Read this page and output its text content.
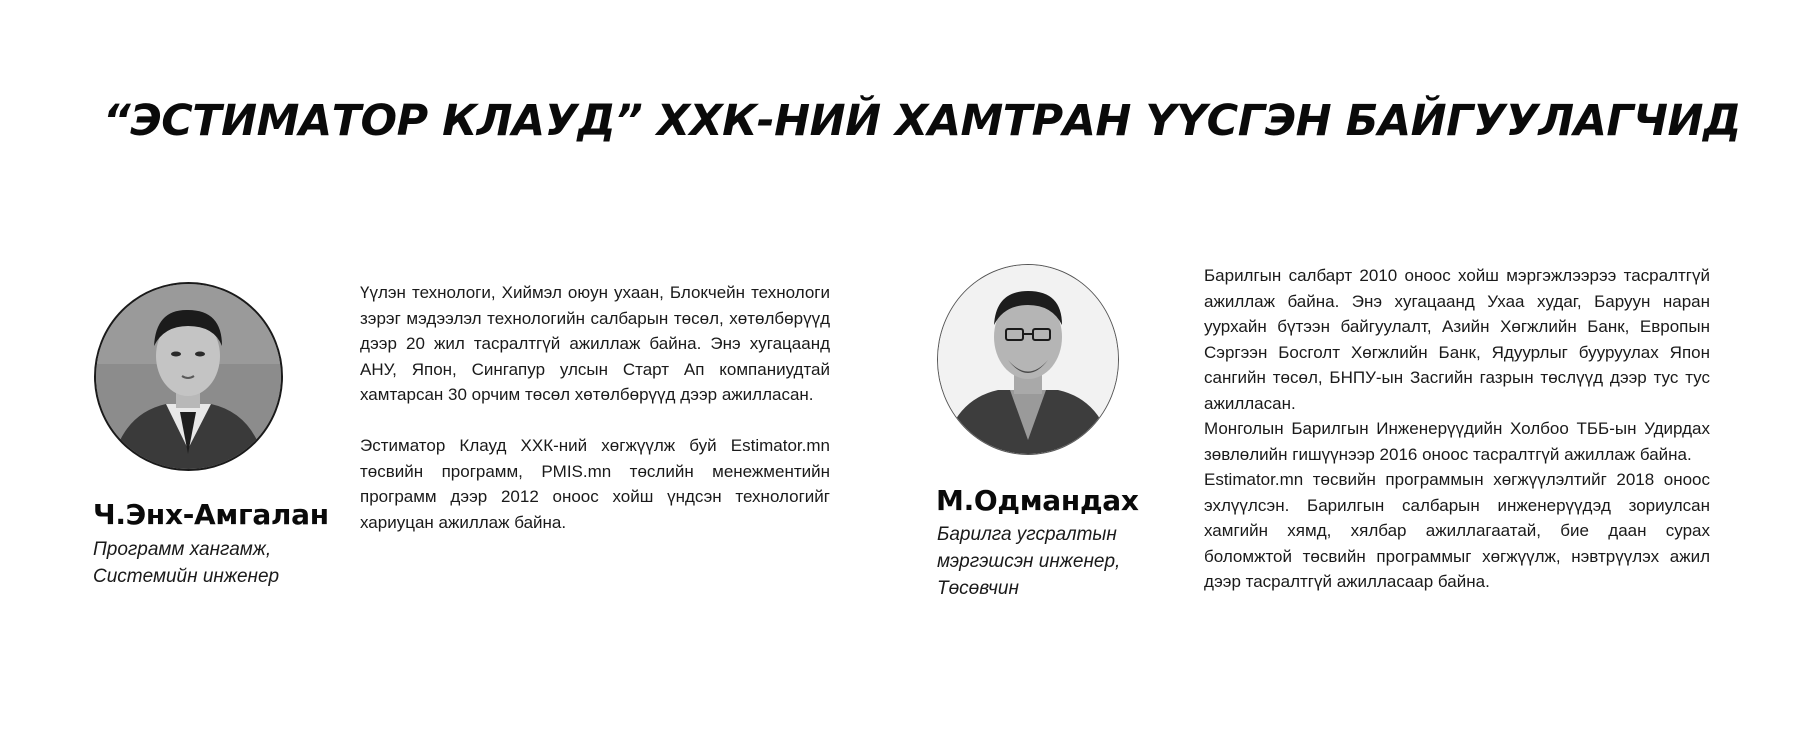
“ЭСТИМАТОР КЛАУД” ХХК-НИЙ ХАМТРАН ҮҮСГЭН БАЙГУУЛАГЧИД
Ч.Энх-Амгалан
Программ хангамж,
Системийн инженер

Үүлэн технологи, Хиймэл оюун ухаан, Блокчейн технологи зэрэг мэдээлэл технологийн салбарын төсөл, хөтөлбөрүүд дээр 20 жил тасралтгүй ажиллаж байна. Энэ хугацаанд АНУ, Япон, Сингапур улсын Старт Ап компаниудтай хамтарсан 30 орчим төсөл хөтөлбөрүүд дээр ажилласан.

Эстиматор Клауд ХХК-ний хөгжүүлж буй Estimator.mn төсвийн программ, PMIS.mn төслийн менежментийн программ дээр 2012 оноос хойш үндсэн технологийг хариуцан ажиллаж байна.

М.Одмандах
Барилга угсралтын
мэргэшсэн инженер,
Төсөвчин

Барилгын салбарт 2010 оноос хойш мэргэжлээрээ тасралтгүй ажиллаж байна. Энэ хугацаанд Ухаа худаг, Баруун наран уурхайн бүтээн байгуулалт, Азийн Хөгжлийн Банк, Европын Сэргээн Босголт Хөгжлийн Банк, Ядуурлыг бууруулах Япон сангийн төсөл, БНПУ-ын Засгийн газрын төслүүд дээр тус тус ажилласан.

Монголын Барилгын Инженерүүдийн Холбоо ТББ-ын Удирдах зөвлөлийн гишүүнээр 2016 оноос тасралтгүй ажиллаж байна.

Estimator.mn төсвийн программын хөгжүүлэлтийг 2018 оноос эхлүүлсэн. Барилгын салбарын инженерүүдэд зориулсан хамгийн хямд, хялбар ажиллагаатай, бие даан сурах боломжтой төсвийн программыг хөгжүүлж, нэвтрүүлэх ажил дээр тасралтгүй ажилласаар байна.
